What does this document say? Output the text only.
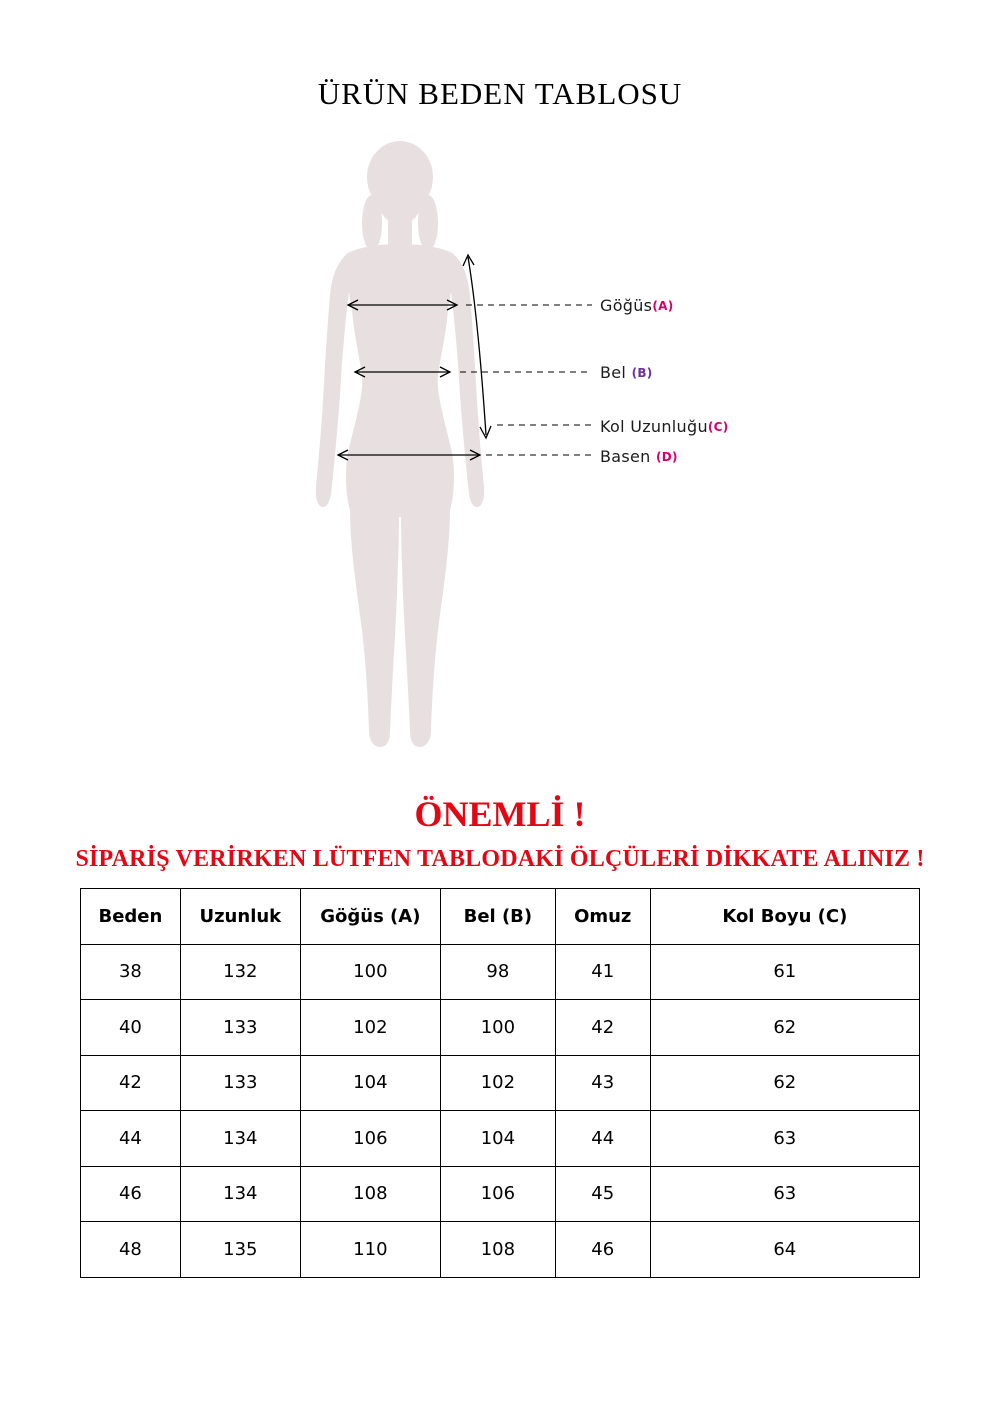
ÜRÜN BEDEN TABLOSU
Göğüs(A)
Bel (B)
Kol Uzunluğu(C)
Basen (D)
ÖNEMLİ !
SİPARİŞ VERİRKEN LÜTFEN TABLODAKİ ÖLÇÜLERİ DİKKATE ALINIZ !
Beden	Uzunluk	Göğüs (A)	Bel (B)	Omuz	Kol Boyu (C)
38	132	100	98	41	61
40	133	102	100	42	62
42	133	104	102	43	62
44	134	106	104	44	63
46	134	108	106	45	63
48	135	110	108	46	64
